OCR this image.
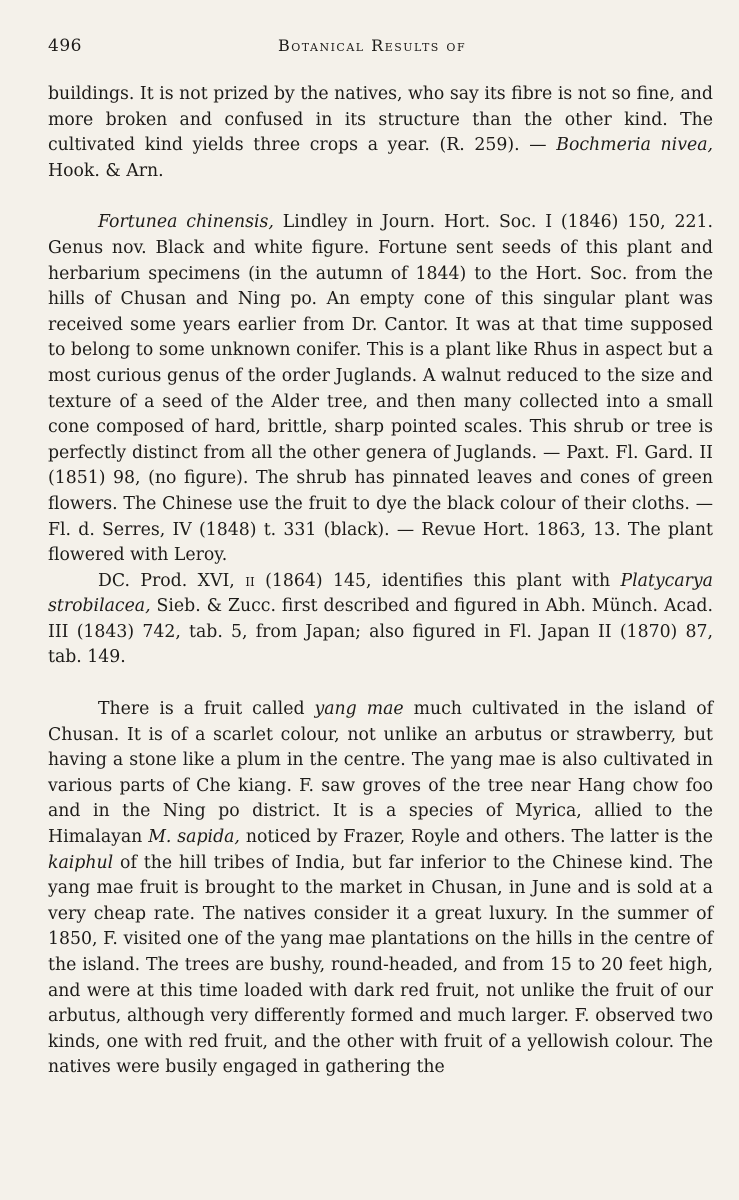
496	Botanical Results of

buildings. It is not prized by the natives, who say its fibre is not so fine, and more broken and confused in its structure than the other kind. The cultivated kind yields three crops a year. (R. 259). — Bochmeria nivea, Hook. & Arn.

Fortunea chinensis, Lindley in Journ. Hort. Soc. I (1846) 150, 221. Genus nov. Black and white figure. Fortune sent seeds of this plant and herbarium specimens (in the autumn of 1844) to the Hort. Soc. from the hills of Chusan and Ning po. An empty cone of this singular plant was received some years earlier from Dr. Cantor. It was at that time supposed to belong to some unknown conifer. This is a plant like Rhus in aspect but a most curious genus of the order Juglands. A walnut reduced to the size and texture of a seed of the Alder tree, and then many collected into a small cone composed of hard, brittle, sharp pointed scales. This shrub or tree is perfectly distinct from all the other genera of Juglands. — Paxt. Fl. Gard. II (1851) 98, (no figure). The shrub has pinnated leaves and cones of green flowers. The Chinese use the fruit to dye the black colour of their cloths. — Fl. d. Serres, IV (1848) t. 331 (black). — Revue Hort. 1863, 13. The plant flowered with Leroy.

DC. Prod. XVI, ii (1864) 145, identifies this plant with Platycarya strobilacea, Sieb. & Zucc. first described and figured in Abh. Münch. Acad. III (1843) 742, tab. 5, from Japan; also figured in Fl. Japan II (1870) 87, tab. 149.

There is a fruit called yang mae much cultivated in the island of Chusan. It is of a scarlet colour, not unlike an arbutus or strawberry, but having a stone like a plum in the centre. The yang mae is also cultivated in various parts of Che kiang. F. saw groves of the tree near Hang chow foo and in the Ning po district. It is a species of Myrica, allied to the Himalayan M. sapida, noticed by Frazer, Royle and others. The latter is the kaiphul of the hill tribes of India, but far inferior to the Chinese kind. The yang mae fruit is brought to the market in Chusan, in June and is sold at a very cheap rate. The natives consider it a great luxury. In the summer of 1850, F. visited one of the yang mae plantations on the hills in the centre of the island. The trees are bushy, round-headed, and from 15 to 20 feet high, and were at this time loaded with dark red fruit, not unlike the fruit of our arbutus, although very differently formed and much larger. F. observed two kinds, one with red fruit, and the other with fruit of a yellowish colour. The natives were busily engaged in gathering the
